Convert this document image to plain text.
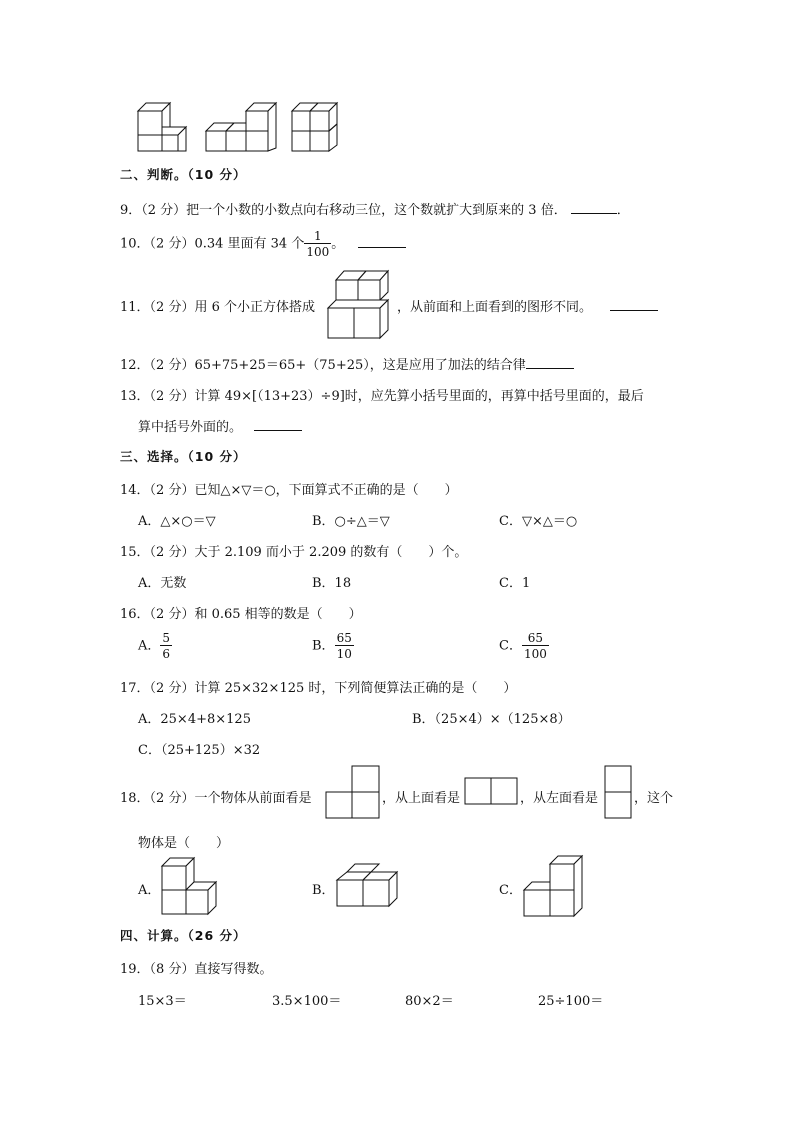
二、判断。（10 分）
9．（2 分）把一个小数的小数点向右移动三位，这个数就扩大到原来的 3 倍．	．
10．（2 分）0.34 里面有 34 个 $\frac{1}{100}$ 。
11．（2 分）用 6 个小正方体搭成	，从前面和上面看到的图形不同。
12．（2 分）65+75+25＝65+（75+25），这是应用了加法的结合律
13．（2 分）计算 49×[（13+23）÷9]时，应先算小括号里面的，再算中括号里面的，最后
算中括号外面的。
三、选择。（10 分）
14．（2 分）已知△×▽＝○，下面算式不正确的是（　　）
A．△×○＝▽	B．○÷△＝▽	C．▽×△＝○
15．（2 分）大于 2.109 而小于 2.209 的数有（　　）个。
A．无数	B．18	C．1
16．（2 分）和 0.65 相等的数是（　　）
A． $\frac{5}{6}$	B． $\frac{65}{10}$	C． $\frac{65}{100}$
17．（2 分）计算 25×32×125 时，下列简便算法正确的是（　　）
A．25×4+8×125	B．（25×4）×（125×8）
C．（25+125）×32
18．（2 分）一个物体从前面看是	，从上面看是	，从左面看是	，这个
物体是（　　）
A．	B．	C．
四、计算。（26 分）
19．（8 分）直接写得数。
15×3＝	3.5×100＝	80×2＝	25÷100＝
